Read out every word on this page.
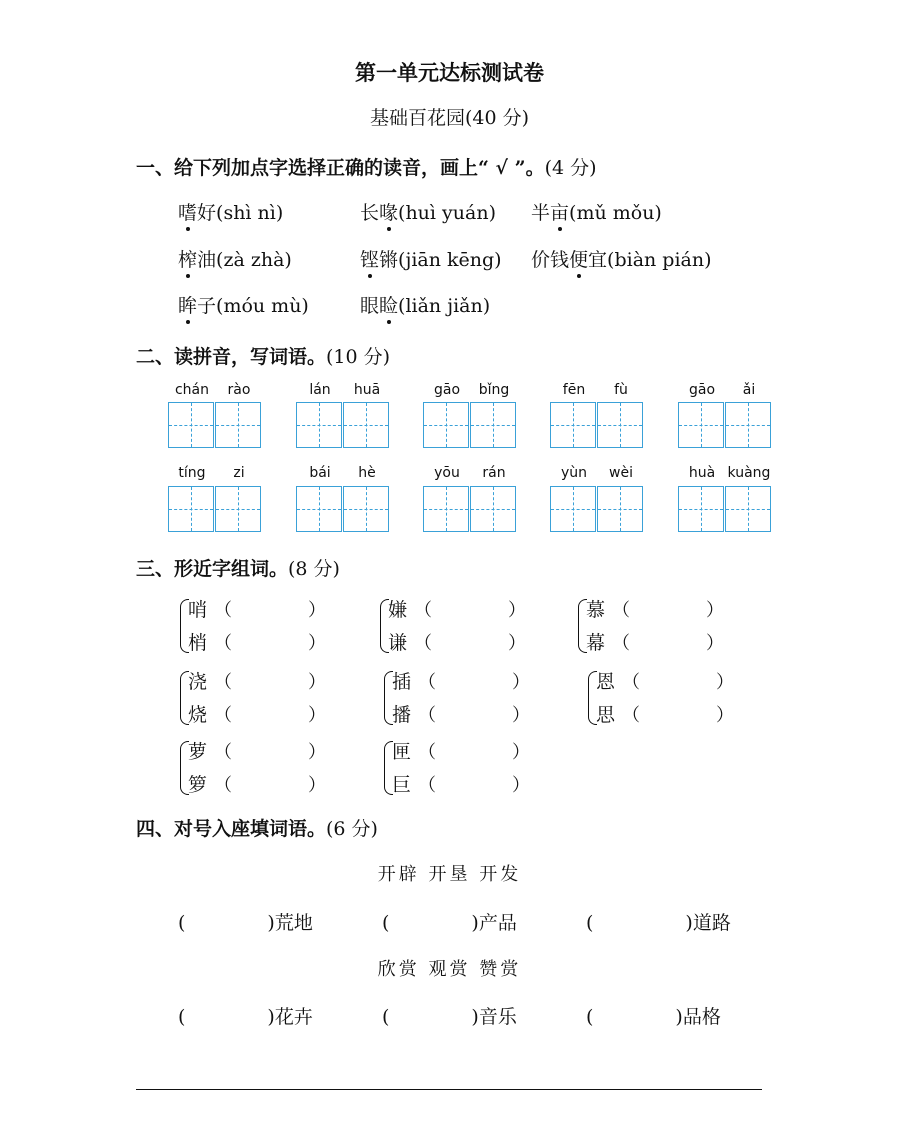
第一单元达标测试卷
基础百花园(40 分)
一、给下列加点字选择正确的读音，画上“ √ ”。(4 分)
嗜好(shì nì)	长喙(huì yuán) 半亩(mǔ mǒu)
榨油(zà zhà)	铿锵(jiān kēng) 价钱便宜(biàn pián)
眸子(móu mù)	眼睑(liǎn jiǎn)
二、读拼音，写词语。(10 分)
chán	rào	lán	huā	gāo	bǐng	fēn	fù	gāo	ǎi
tíng	zi	bái	hè	yōu	rán	yùn	wèi	huà kuàng
三、形近字组词。(8 分)
哨 （	）
梢 （	）
嫌 （	）
谦 （	）
慕 （	）
幕 （	）
浇 （	）
烧 （	）
插 （	）
播 （	）
恩 （	）
思 （	）
萝 （	）
箩 （	）
匣 （	）
巨 （	）
四、对号入座填词语。(6 分)
开辟 开垦 开发
(	)荒地	(	)产品	(	)道路
欣赏 观赏 赞赏
(	)花卉	(	)音乐	(	)品格
